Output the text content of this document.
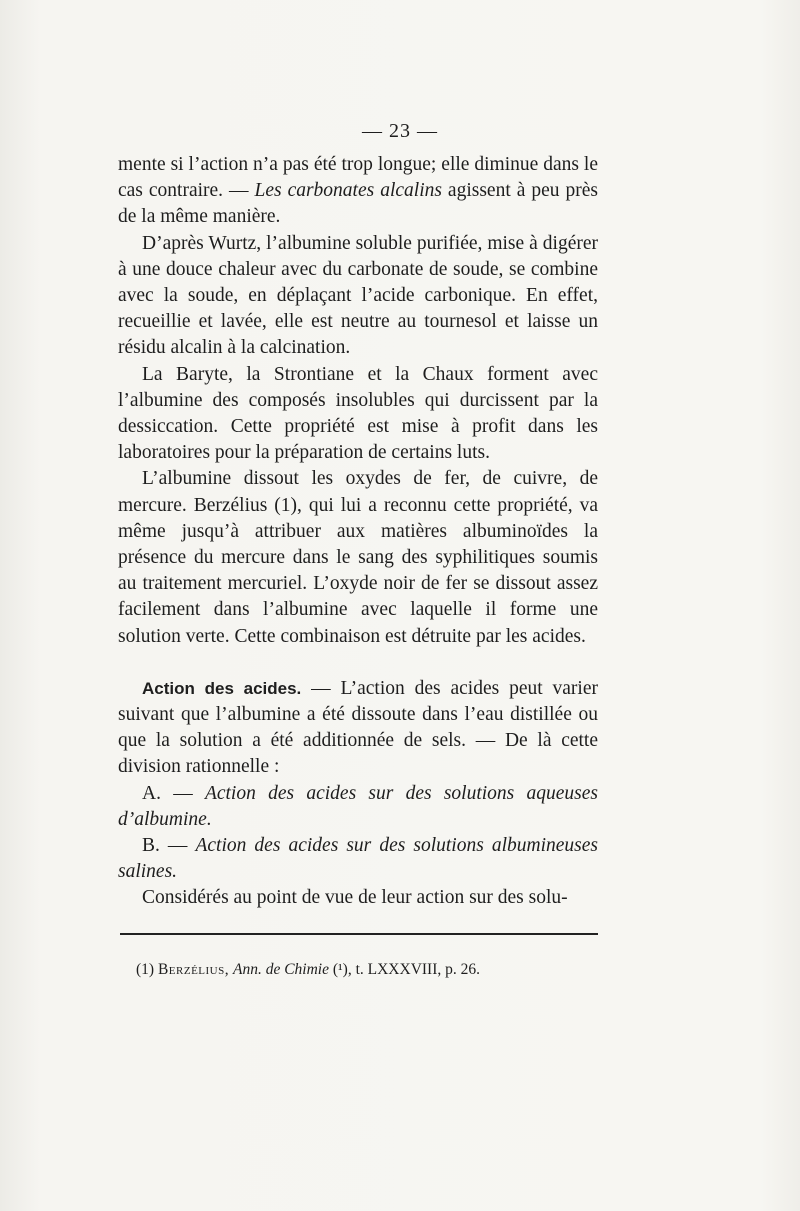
— 23 —

mente si l’action n’a pas été trop longue; elle diminue dans le cas contraire. — Les carbonates alcalins agissent à peu près de la même manière.

D’après Wurtz, l’albumine soluble purifiée, mise à digérer à une douce chaleur avec du carbonate de soude, se combine avec la soude, en déplaçant l’acide carbonique. En effet, recueillie et lavée, elle est neutre au tournesol et laisse un résidu alcalin à la calcination.

La Baryte, la Strontiane et la Chaux forment avec l’albumine des composés insolubles qui durcissent par la dessiccation. Cette propriété est mise à profit dans les laboratoires pour la préparation de certains luts.

L’albumine dissout les oxydes de fer, de cuivre, de mercure. Berzélius (1), qui lui a reconnu cette propriété, va même jusqu’à attribuer aux matières albuminoïdes la présence du mercure dans le sang des syphilitiques soumis au traitement mercuriel. L’oxyde noir de fer se dissout assez facilement dans l’albumine avec laquelle il forme une solution verte. Cette combinaison est détruite par les acides.

Action des acides. — L’action des acides peut varier suivant que l’albumine a été dissoute dans l’eau distillée ou que la solution a été additionnée de sels. — De là cette division rationnelle :

A. — Action des acides sur des solutions aqueuses d’albumine.

B. — Action des acides sur des solutions albumineuses salines.

Considérés au point de vue de leur action sur des solu-

(1) Berzélius, Ann. de Chimie (¹), t. LXXXVIII, p. 26.
